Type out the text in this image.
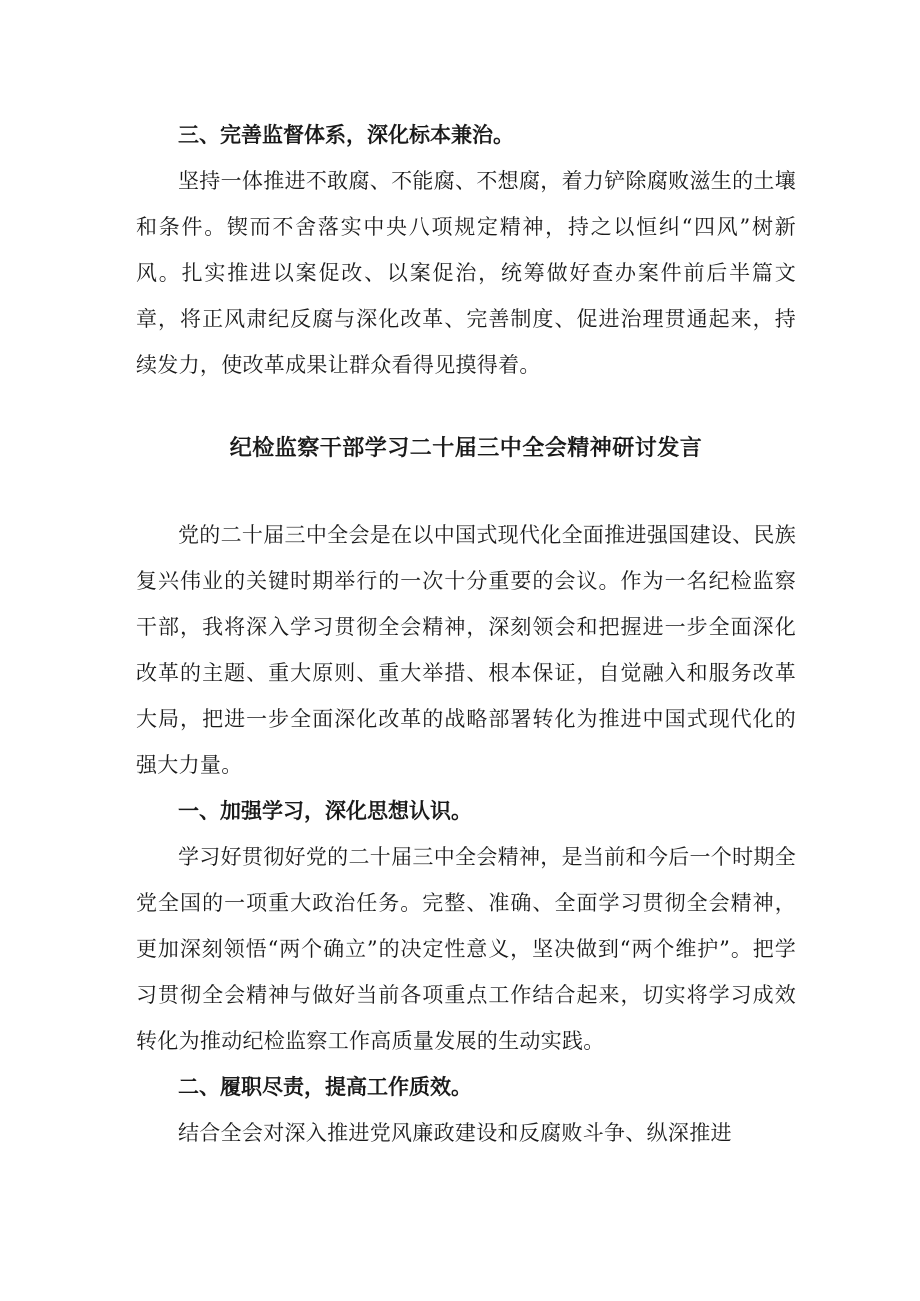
三、完善监督体系，深化标本兼治。

坚持一体推进不敢腐、不能腐、不想腐，着力铲除腐败滋生的土壤和条件。锲而不舍落实中央八项规定精神，持之以恒纠“四风”树新风。扎实推进以案促改、以案促治，统筹做好查办案件前后半篇文章，将正风肃纪反腐与深化改革、完善制度、促进治理贯通起来，持续发力，使改革成果让群众看得见摸得着。

纪检监察干部学习二十届三中全会精神研讨发言

党的二十届三中全会是在以中国式现代化全面推进强国建设、民族复兴伟业的关键时期举行的一次十分重要的会议。作为一名纪检监察干部，我将深入学习贯彻全会精神，深刻领会和把握进一步全面深化改革的主题、重大原则、重大举措、根本保证，自觉融入和服务改革大局，把进一步全面深化改革的战略部署转化为推进中国式现代化的强大力量。

一、加强学习，深化思想认识。

学习好贯彻好党的二十届三中全会精神，是当前和今后一个时期全党全国的一项重大政治任务。完整、准确、全面学习贯彻全会精神，更加深刻领悟“两个确立”的决定性意义，坚决做到“两个维护”。把学习贯彻全会精神与做好当前各项重点工作结合起来，切实将学习成效转化为推动纪检监察工作高质量发展的生动实践。

二、履职尽责，提高工作质效。

结合全会对深入推进党风廉政建设和反腐败斗争、纵深推进
